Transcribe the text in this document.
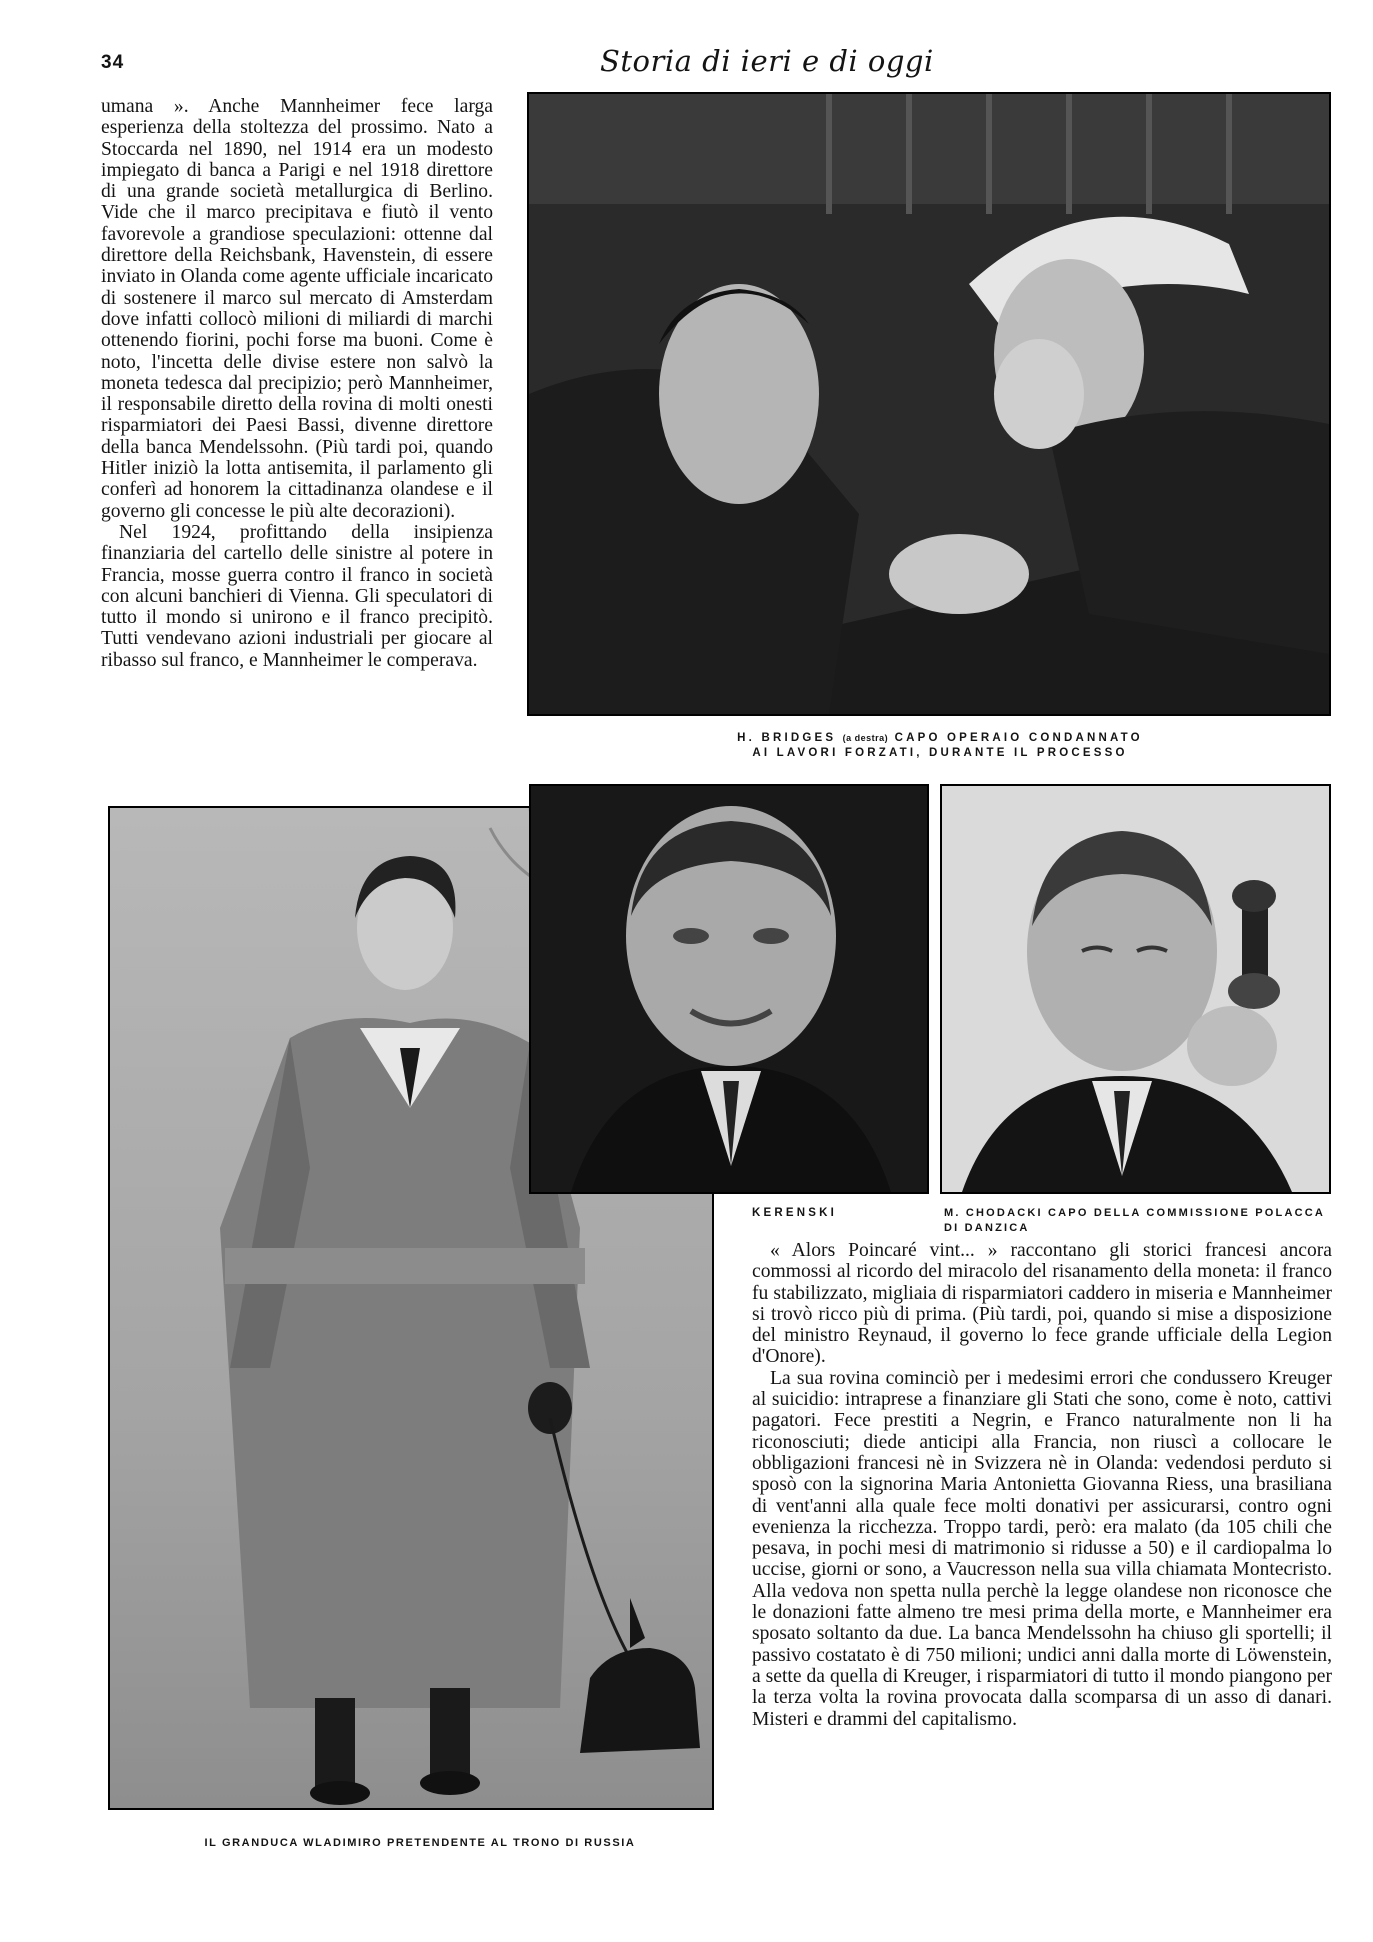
34	Storia di ieri e di oggi

umana ». Anche Mannheimer fece larga esperienza della stoltezza del prossimo. Nato a Stoccarda nel 1890, nel 1914 era un modesto impiegato di banca a Parigi e nel 1918 direttore di una grande società metallurgica di Berlino. Vide che il marco precipitava e fiutò il vento favorevole a grandiose speculazioni: ottenne dal direttore della Reichsbank, Havenstein, di essere inviato in Olanda come agente ufficiale incaricato di sostenere il marco sul mercato di Amsterdam dove infatti collocò milioni di miliardi di marchi ottenendo fiorini, pochi forse ma buoni. Come è noto, l'incetta delle divise estere non salvò la moneta tedesca dal precipizio; però Mannheimer, il responsabile diretto della rovina di molti onesti risparmiatori dei Paesi Bassi, divenne direttore della banca Mendelssohn. (Più tardi poi, quando Hitler iniziò la lotta antisemita, il parlamento gli conferì ad honorem la cittadinanza olandese e il governo gli concesse le più alte decorazioni).

Nel 1924, profittando della insipienza finanziaria del cartello delle sinistre al potere in Francia, mosse guerra contro il franco in società con alcuni banchieri di Vienna. Gli speculatori di tutto il mondo si unirono e il franco precipitò. Tutti vendevano azioni industriali per giocare al ribasso sul franco, e Mannheimer le comperava.

H. BRIDGES (a destra) CAPO OPERAIO CONDANNATO
AI LAVORI FORZATI, DURANTE IL PROCESSO
IL GRANDUCA WLADIMIRO PRETENDENTE AL TRONO DI RUSSIA
KERENSKI	M. CHODACKI CAPO DELLA COMMISSIONE POLACCA DI DANZICA

« Alors Poincaré vint... » raccontano gli storici francesi ancora commossi al ricordo del miracolo del risanamento della moneta: il franco fu stabilizzato, migliaia di risparmiatori caddero in miseria e Mannheimer si trovò ricco più di prima. (Più tardi, poi, quando si mise a disposizione del ministro Reynaud, il governo lo fece grande ufficiale della Legion d'Onore).

La sua rovina cominciò per i medesimi errori che condussero Kreuger al suicidio: intraprese a finanziare gli Stati che sono, come è noto, cattivi pagatori. Fece prestiti a Negrin, e Franco naturalmente non li ha riconosciuti; diede anticipi alla Francia, non riuscì a collocare le obbligazioni francesi nè in Svizzera nè in Olanda: vedendosi perduto si sposò con la signorina Maria Antonietta Giovanna Riess, una brasiliana di vent'anni alla quale fece molti donativi per assicurarsi, contro ogni evenienza la ricchezza. Troppo tardi, però: era malato (da 105 chili che pesava, in pochi mesi di matrimonio si ridusse a 50) e il cardiopalma lo uccise, giorni or sono, a Vaucresson nella sua villa chiamata Montecristo. Alla vedova non spetta nulla perchè la legge olandese non riconosce che le donazioni fatte almeno tre mesi prima della morte, e Mannheimer era sposato soltanto da due. La banca Mendelssohn ha chiuso gli sportelli; il passivo costatato è di 750 milioni; undici anni dalla morte di Löwenstein, a sette da quella di Kreuger, i risparmiatori di tutto il mondo piangono per la terza volta la rovina provocata dalla scomparsa di un asso di danari. Misteri e drammi del capitalismo.
